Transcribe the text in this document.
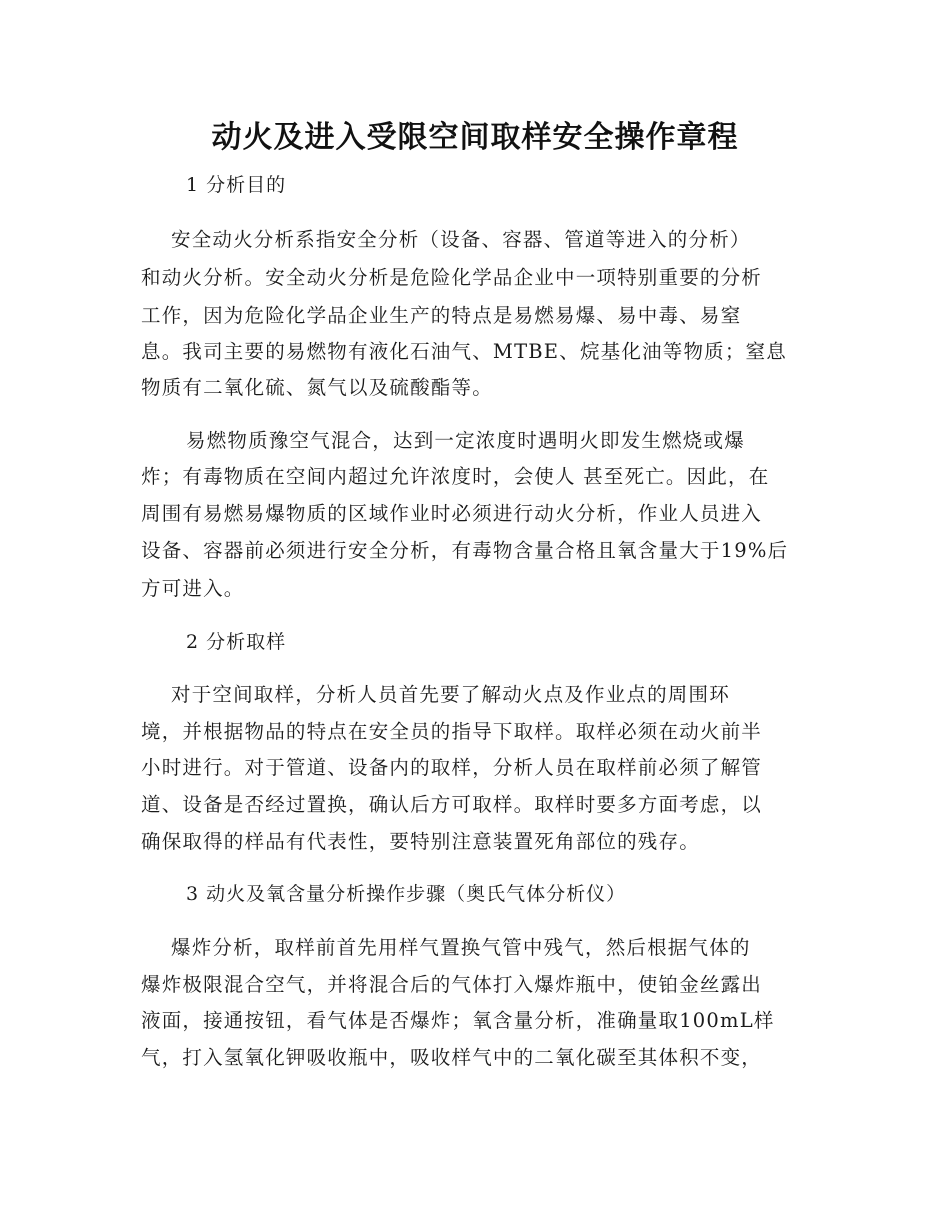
动火及进入受限空间取样安全操作章程
1 分析目的
安全动火分析系指安全分析（设备、容器、管道等进入的分析）
和动火分析。安全动火分析是危险化学品企业中一项特别重要的分析
工作，因为危险化学品企业生产的特点是易燃易爆、易中毒、易窒
息。我司主要的易燃物有液化石油气、MTBE、烷基化油等物质；窒息
物质有二氧化硫、氮气以及硫酸酯等。
易燃物质豫空气混合，达到一定浓度时遇明火即发生燃烧或爆
炸；有毒物质在空间内超过允许浓度时，会使人 甚至死亡。因此，在
周围有易燃易爆物质的区域作业时必须进行动火分析，作业人员进入
设备、容器前必须进行安全分析，有毒物含量合格且氧含量大于19%后
方可进入。
2 分析取样
对于空间取样，分析人员首先要了解动火点及作业点的周围环
境，并根据物品的特点在安全员的指导下取样。取样必须在动火前半
小时进行。对于管道、设备内的取样，分析人员在取样前必须了解管
道、设备是否经过置换，确认后方可取样。取样时要多方面考虑，以
确保取得的样品有代表性，要特别注意装置死角部位的残存。
3 动火及氧含量分析操作步骤（奥氏气体分析仪）
爆炸分析，取样前首先用样气置换气管中残气，然后根据气体的
爆炸极限混合空气，并将混合后的气体打入爆炸瓶中，使铂金丝露出
液面，接通按钮，看气体是否爆炸；氧含量分析，准确量取100mL样
气，打入氢氧化钾吸收瓶中，吸收样气中的二氧化碳至其体积不变，
